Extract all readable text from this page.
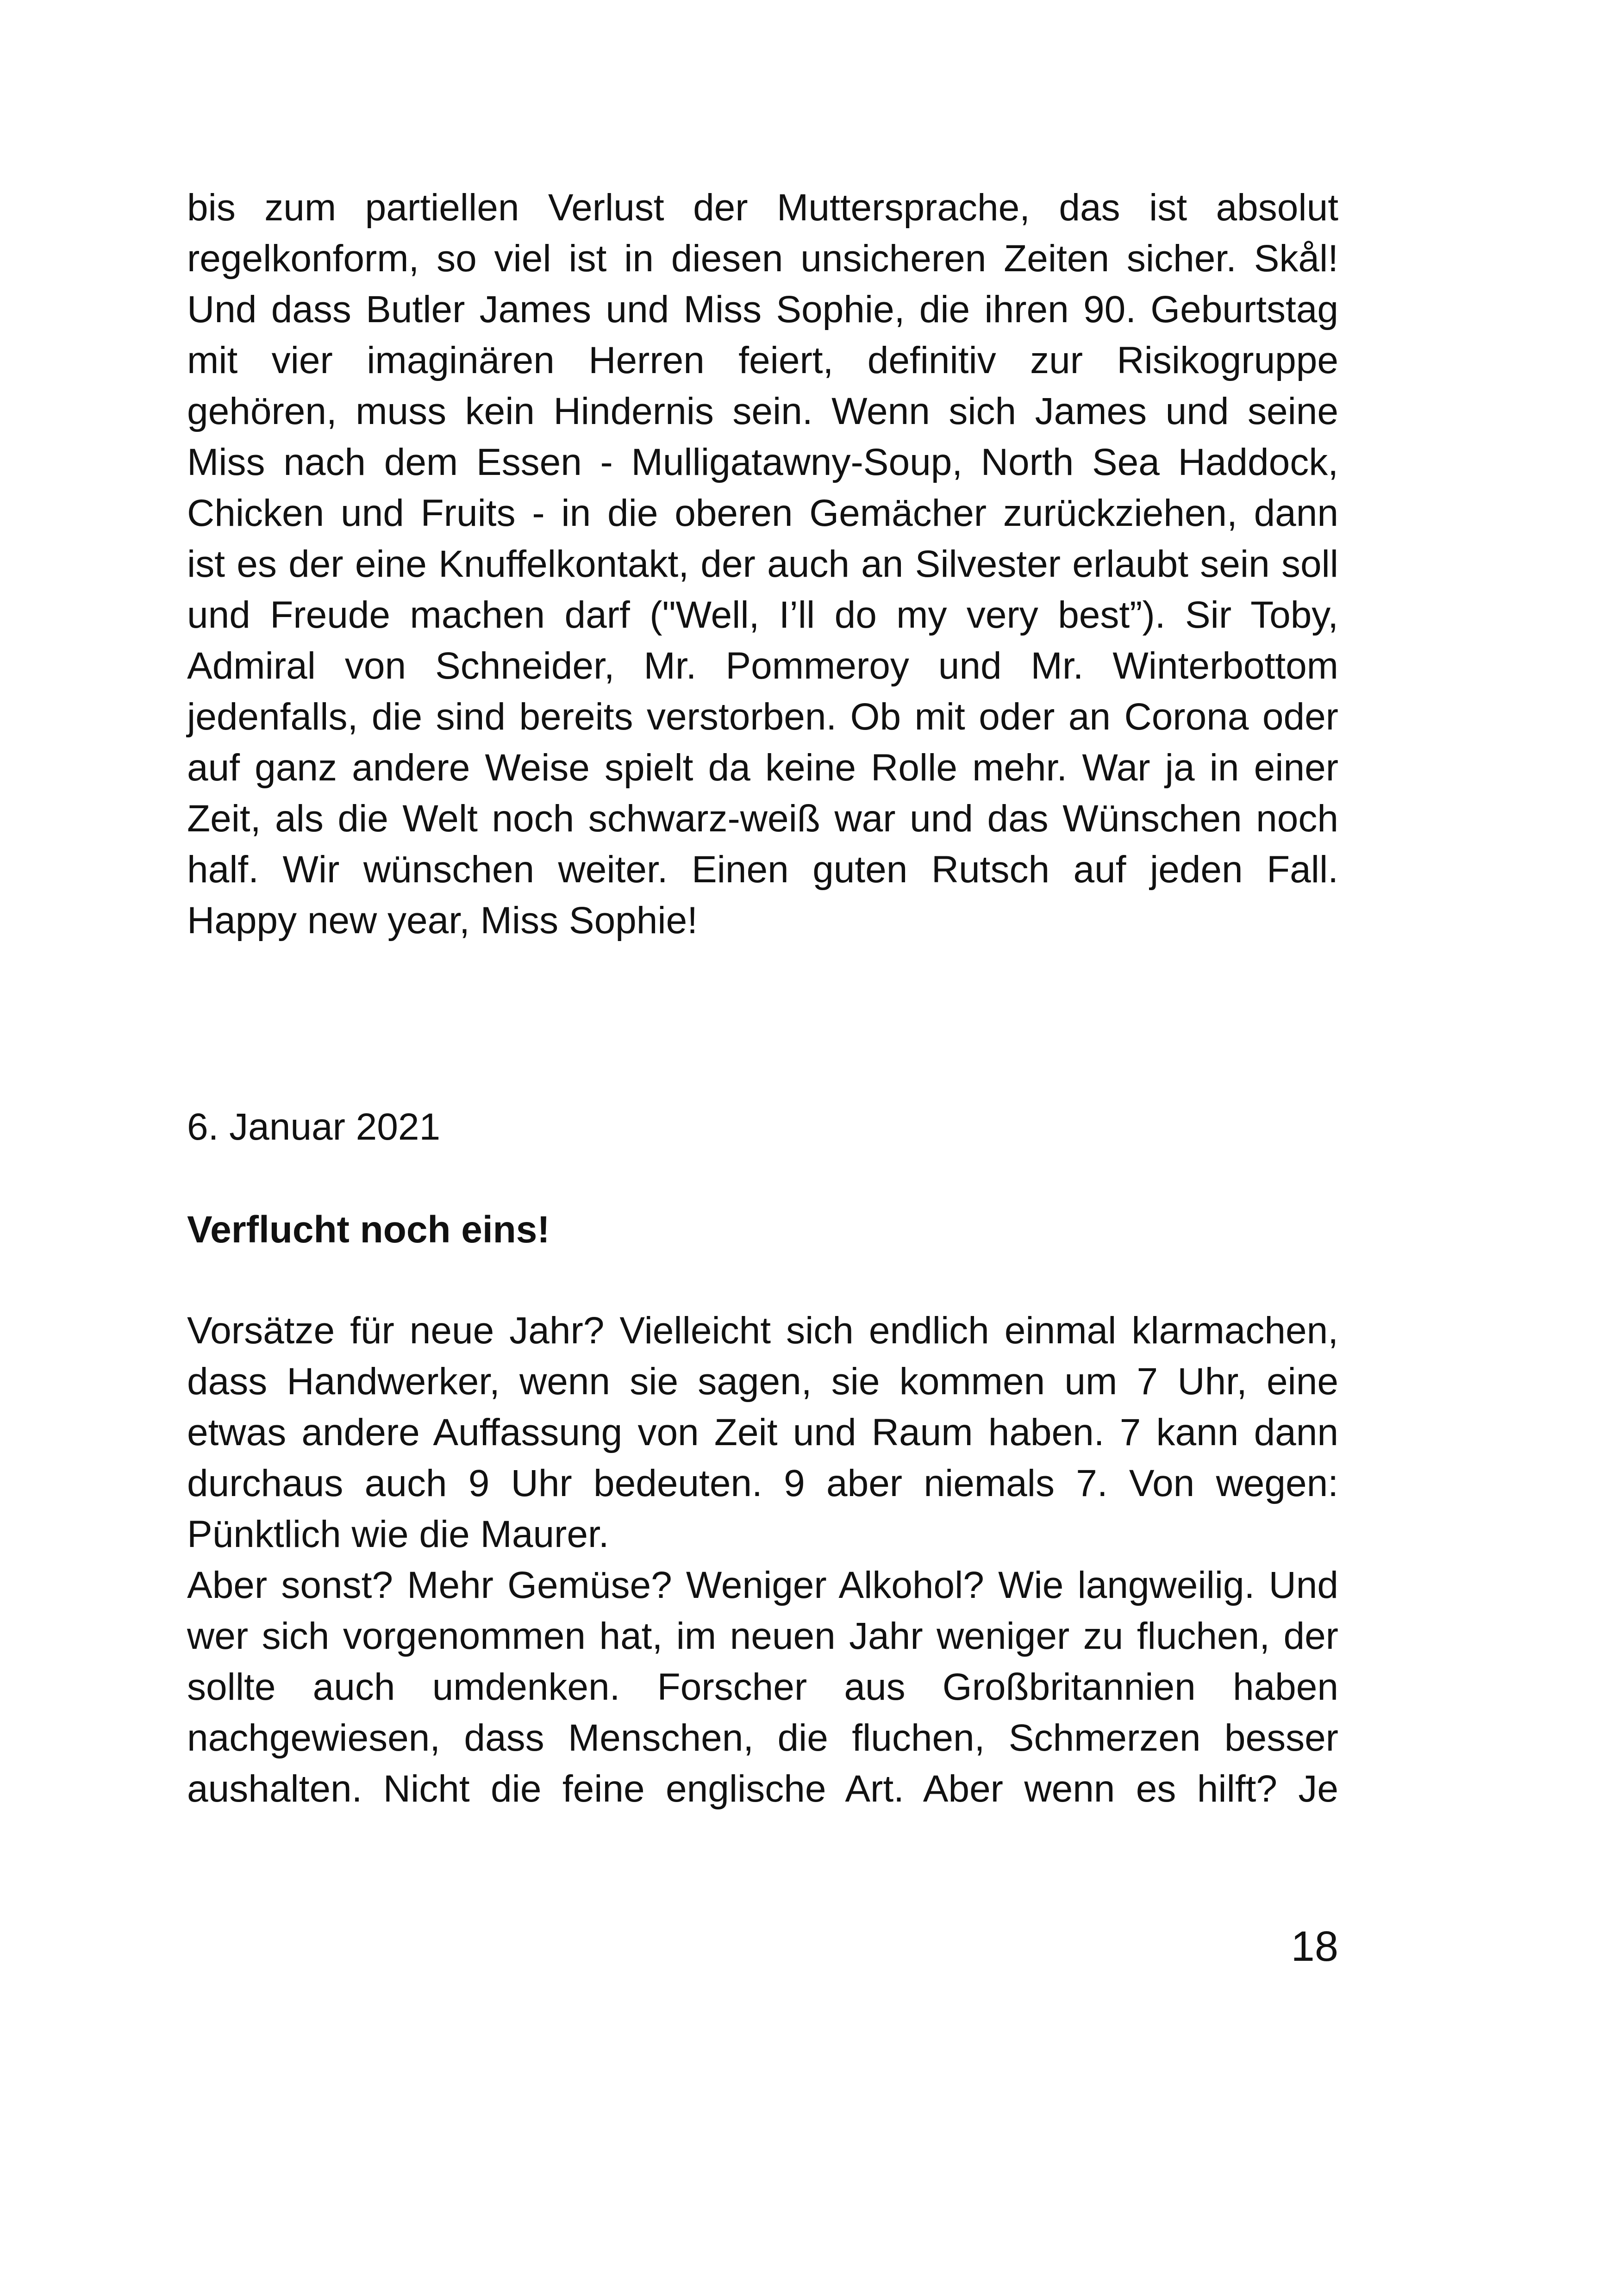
bis zum partiellen Verlust der Muttersprache, das ist absolut
regelkonform, so viel ist in diesen unsicheren Zeiten sicher. Skål!
Und dass Butler James und Miss Sophie, die ihren 90. Geburtstag
mit vier imaginären Herren feiert, definitiv zur Risikogruppe
gehören, muss kein Hindernis sein. Wenn sich James und seine
Miss nach dem Essen - Mulligatawny-Soup, North Sea Haddock,
Chicken und Fruits - in die oberen Gemächer zurückziehen, dann
ist es der eine Knuffelkontakt, der auch an Silvester erlaubt sein soll
und Freude machen darf ("Well, I’ll do my very best”). Sir Toby,
Admiral von Schneider, Mr. Pommeroy und Mr. Winterbottom
jedenfalls, die sind bereits verstorben. Ob mit oder an Corona oder
auf ganz andere Weise spielt da keine Rolle mehr. War ja in einer
Zeit, als die Welt noch schwarz-weiß war und das Wünschen noch
half. Wir wünschen weiter. Einen guten Rutsch auf jeden Fall.
Happy new year, Miss Sophie!
6. Januar 2021
Verflucht noch eins!
Vorsätze für neue Jahr? Vielleicht sich endlich einmal klarmachen,
dass Handwerker, wenn sie sagen, sie kommen um 7 Uhr, eine
etwas andere Auffassung von Zeit und Raum haben. 7 kann dann
durchaus auch 9 Uhr bedeuten. 9 aber niemals 7. Von wegen:
Pünktlich wie die Maurer.
Aber sonst? Mehr Gemüse? Weniger Alkohol? Wie langweilig. Und
wer sich vorgenommen hat, im neuen Jahr weniger zu fluchen, der
sollte auch umdenken. Forscher aus Großbritannien haben
nachgewiesen, dass Menschen, die fluchen, Schmerzen besser
aushalten. Nicht die feine englische Art. Aber wenn es hilft? Je
18
